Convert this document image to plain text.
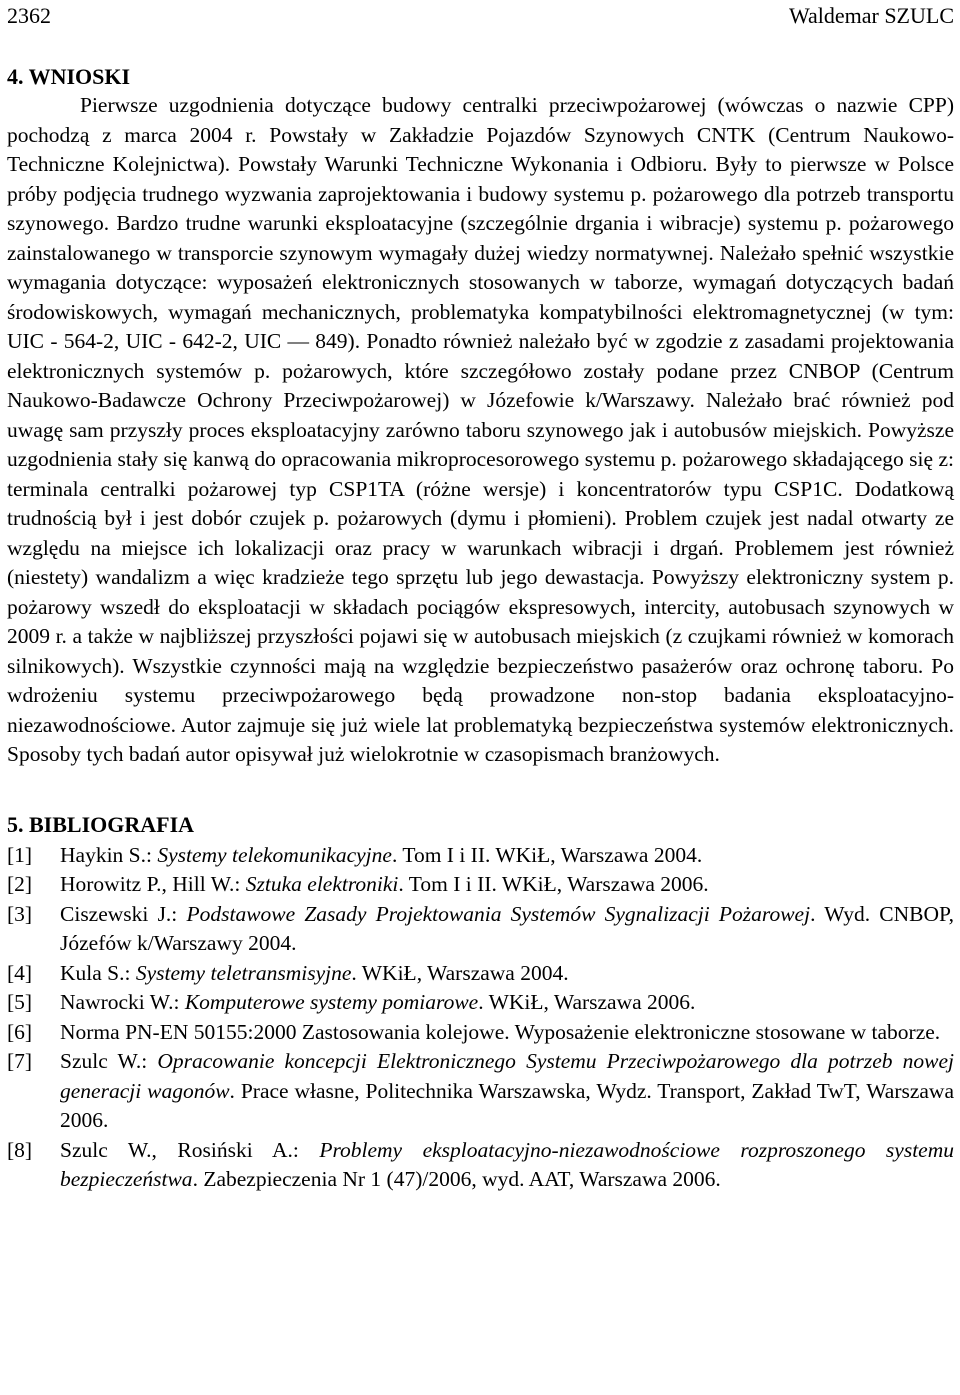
2362	Waldemar SZULC
4. WNIOSKI

Pierwsze uzgodnienia dotyczące budowy centralki przeciwpożarowej (wówczas o nazwie CPP) pochodzą z marca 2004 r. Powstały w Zakładzie Pojazdów Szynowych CNTK (Centrum Naukowo-Techniczne Kolejnictwa). Powstały Warunki Techniczne Wykonania i Odbioru. Były to pierwsze w Polsce próby podjęcia trudnego wyzwania zaprojektowania i budowy systemu p. pożarowego dla potrzeb transportu szynowego. Bardzo trudne warunki eksploatacyjne (szczególnie drgania i wibracje) systemu p. pożarowego zainstalowanego w transporcie szynowym wymagały dużej wiedzy normatywnej. Należało spełnić wszystkie wymagania dotyczące: wyposażeń elektronicznych stosowanych w taborze, wymagań dotyczących badań środowiskowych, wymagań mechanicznych, problematyka kompatybilności elektromagnetycznej (w tym: UIC - 564-2, UIC - 642-2, UIC — 849). Ponadto również należało być w zgodzie z zasadami projektowania elektronicznych systemów p. pożarowych, które szczegółowo zostały podane przez CNBOP (Centrum Naukowo-Badawcze Ochrony Przeciwpożarowej) w Józefowie k/Warszawy. Należało brać również pod uwagę sam przyszły proces eksploatacyjny zarówno taboru szynowego jak i autobusów miejskich. Powyższe uzgodnienia stały się kanwą do opracowania mikroprocesorowego systemu p. pożarowego składającego się z: terminala centralki pożarowej typ CSP1TA (różne wersje) i koncentratorów typu CSP1C. Dodatkową trudnością był i jest dobór czujek p. pożarowych (dymu i płomieni). Problem czujek jest nadal otwarty ze względu na miejsce ich lokalizacji oraz pracy w warunkach wibracji i drgań. Problemem jest również (niestety) wandalizm a więc kradzieże tego sprzętu lub jego dewastacja. Powyższy elektroniczny system p. pożarowy wszedł do eksploatacji w składach pociągów ekspresowych, intercity, autobusach szynowych w 2009 r. a także w najbliższej przyszłości pojawi się w autobusach miejskich (z czujkami również w komorach silnikowych). Wszystkie czynności mają na względzie bezpieczeństwo pasażerów oraz ochronę taboru. Po wdrożeniu systemu przeciwpożarowego będą prowadzone non-stop badania eksploatacyjno-niezawodnościowe. Autor zajmuje się już wiele lat problematyką bezpieczeństwa systemów elektronicznych. Sposoby tych badań autor opisywał już wielokrotnie w czasopismach branżowych.

5. BIBLIOGRAFIA
[1]	Haykin S.: Systemy telekomunikacyjne. Tom I i II. WKiŁ, Warszawa 2004.
[2]	Horowitz P., Hill W.: Sztuka elektroniki. Tom I i II. WKiŁ, Warszawa 2006.
[3]	Ciszewski J.: Podstawowe Zasady Projektowania Systemów Sygnalizacji Pożarowej. Wyd. CNBOP, Józefów k/Warszawy 2004.
[4]	Kula S.: Systemy teletransmisyjne. WKiŁ, Warszawa 2004.
[5]	Nawrocki W.: Komputerowe systemy pomiarowe. WKiŁ, Warszawa 2006.
[6]	Norma PN-EN 50155:2000 Zastosowania kolejowe. Wyposażenie elektroniczne stosowane w taborze.
[7]	Szulc W.: Opracowanie koncepcji Elektronicznego Systemu Przeciwpożarowego dla potrzeb nowej generacji wagonów. Prace własne, Politechnika Warszawska, Wydz. Transport, Zakład TwT, Warszawa 2006.
[8]	Szulc W., Rosiński A.: Problemy eksploatacyjno-niezawodnościowe rozproszonego systemu bezpieczeństwa. Zabezpieczenia Nr 1 (47)/2006, wyd. AAT, Warszawa 2006.
